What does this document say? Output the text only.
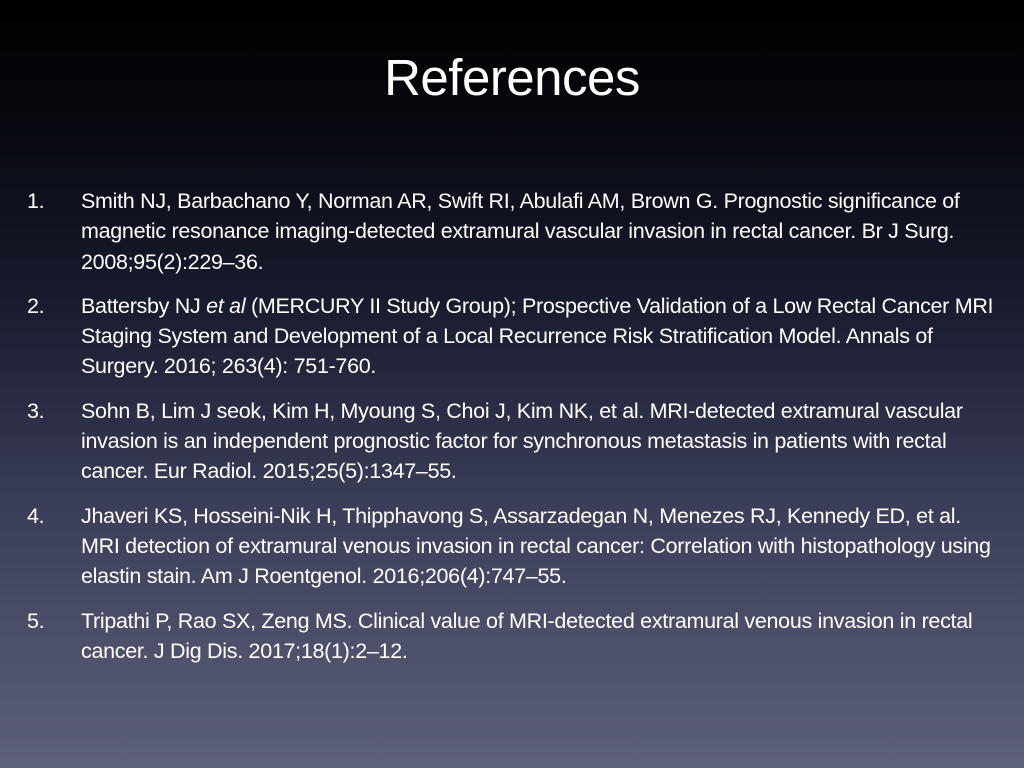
References
1. Smith NJ, Barbachano Y, Norman AR, Swift RI, Abulafi AM, Brown G. Prognostic significance of magnetic resonance imaging-detected extramural vascular invasion in rectal cancer. Br J Surg. 2008;95(2):229–36.
2. Battersby NJ et al (MERCURY II Study Group); Prospective Validation of a Low Rectal Cancer MRI Staging System and Development of a Local Recurrence Risk Stratification Model. Annals of Surgery. 2016; 263(4): 751-760.
3. Sohn B, Lim J seok, Kim H, Myoung S, Choi J, Kim NK, et al. MRI-detected extramural vascular invasion is an independent prognostic factor for synchronous metastasis in patients with rectal cancer. Eur Radiol. 2015;25(5):1347–55.
4. Jhaveri KS, Hosseini-Nik H, Thipphavong S, Assarzadegan N, Menezes RJ, Kennedy ED, et al. MRI detection of extramural venous invasion in rectal cancer: Correlation with histopathology using elastin stain. Am J Roentgenol. 2016;206(4):747–55.
5. Tripathi P, Rao SX, Zeng MS. Clinical value of MRI-detected extramural venous invasion in rectal cancer. J Dig Dis. 2017;18(1):2–12.
